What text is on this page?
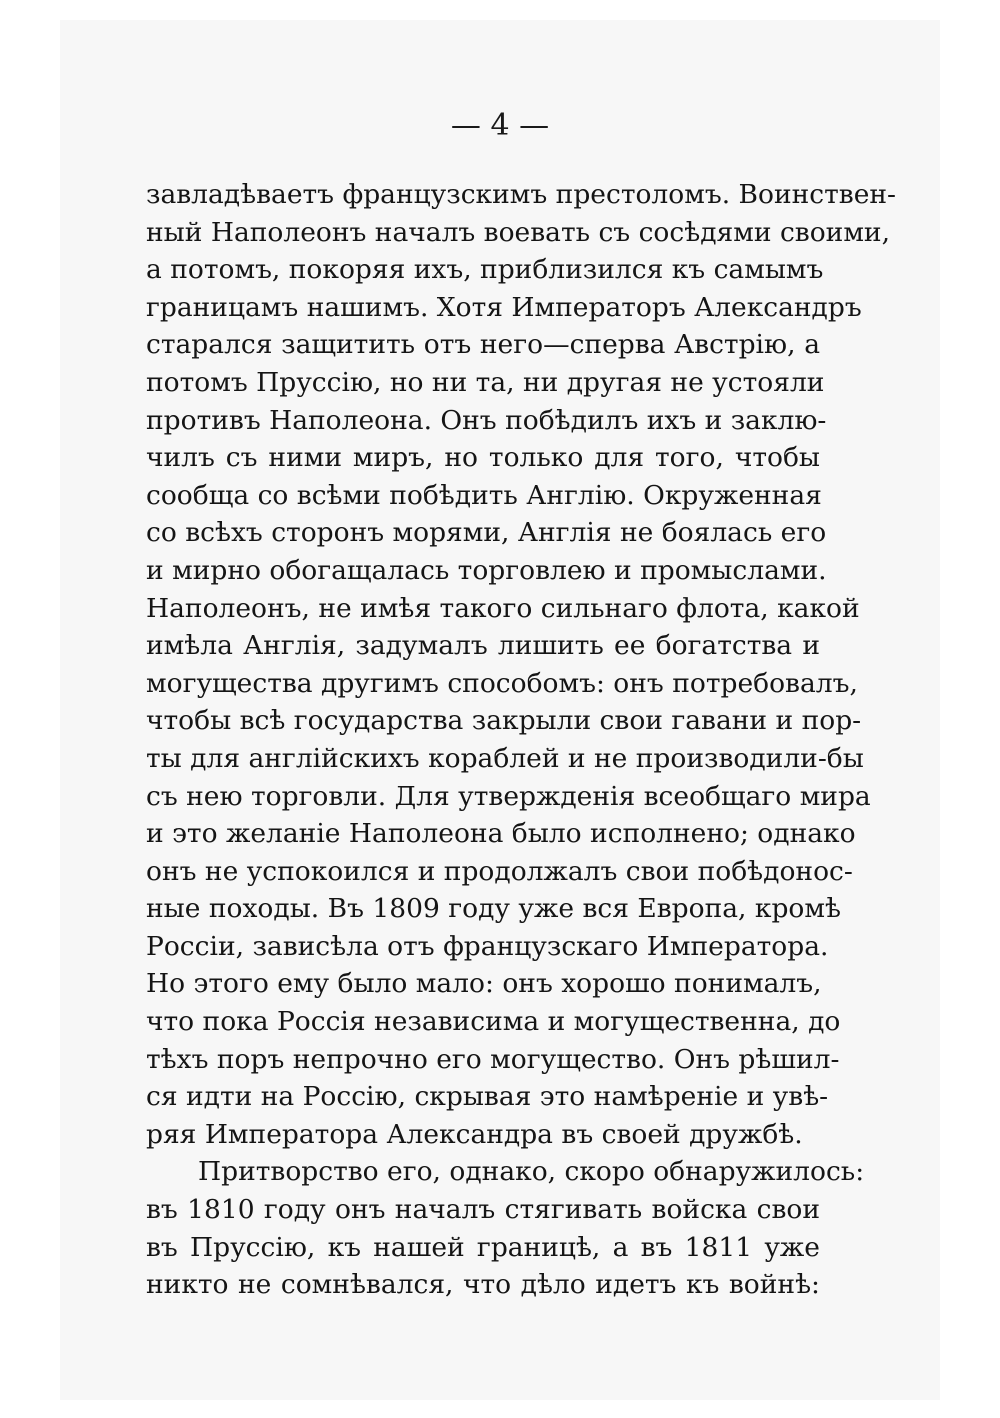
— 4 —
завладѣваетъ французскимъ престоломъ. Воинствен-
ный Наполеонъ началъ воевать съ сосѣдями своими,
а потомъ, покоряя ихъ, приблизился къ самымъ
границамъ нашимъ. Хотя Императоръ Александръ
старался защитить отъ него—сперва Австрію, а
потомъ Пруссію, но ни та, ни другая не устояли
противъ Наполеона. Онъ побѣдилъ ихъ и заклю-
чилъ съ ними миръ, но только для того, чтобы
сообща со всѣми побѣдить Англію. Окруженная
со всѣхъ сторонъ морями, Англія не боялась его
и мирно обогащалась торговлею и промыслами.
Наполеонъ, не имѣя такого сильнаго флота, какой
имѣла Англія, задумалъ лишить ее богатства и
могущества другимъ способомъ: онъ потребовалъ,
чтобы всѣ государства закрыли свои гавани и пор-
ты для англійскихъ кораблей и не производили-бы
съ нею торговли. Для утвержденія всеобщаго мира
и это желаніе Наполеона было исполнено; однако
онъ не успокоился и продолжалъ свои побѣдонос-
ные походы. Въ 1809 году уже вся Европа, кромѣ
Россіи, зависѣла отъ французскаго Императора.
Но этого ему было мало: онъ хорошо понималъ,
что пока Россія независима и могущественна, до
тѣхъ поръ непрочно его могущество. Онъ рѣшил-
ся идти на Россію, скрывая это намѣреніе и увѣ-
ряя Императора Александра въ своей дружбѣ.
Притворство его, однако, скоро обнаружилось:
въ 1810 году онъ началъ стягивать войска свои
въ Пруссію, къ нашей границѣ, а въ 1811 уже
никто не сомнѣвался, что дѣло идетъ къ войнѣ:
